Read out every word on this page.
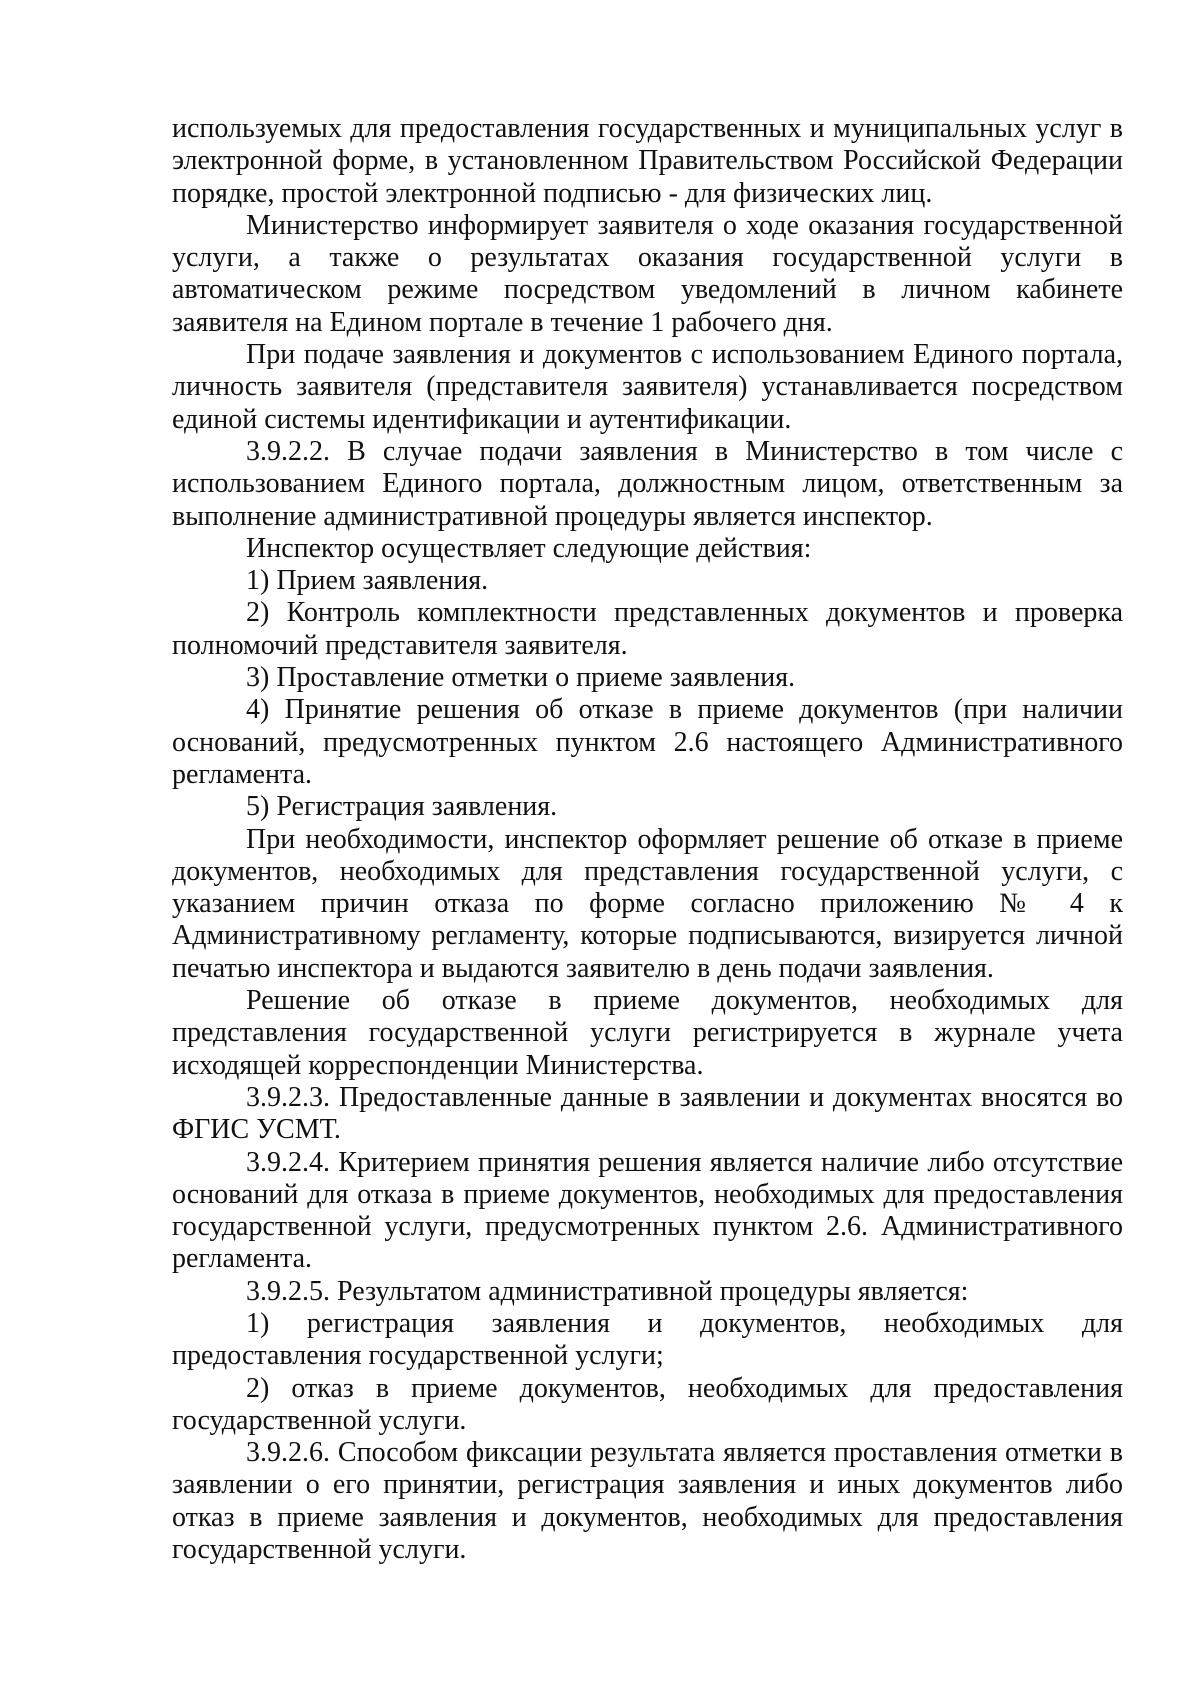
используемых для предоставления государственных и муниципальных услуг в электронной форме, в установленном Правительством Российской Федерации порядке, простой электронной подписью - для физических лиц.

Министерство информирует заявителя о ходе оказания государственной услуги, а также о результатах оказания государственной услуги в автоматическом режиме посредством уведомлений в личном кабинете заявителя на Едином портале в течение 1 рабочего дня.

При подаче заявления и документов с использованием Единого портала, личность заявителя (представителя заявителя) устанавливается посредством единой системы идентификации и аутентификации.

3.9.2.2. В случае подачи заявления в Министерство в том числе с использованием Единого портала, должностным лицом, ответственным за выполнение административной процедуры является инспектор.

Инспектор осуществляет следующие действия:

1) Прием заявления.

2) Контроль комплектности представленных документов и проверка полномочий представителя заявителя.

3) Проставление отметки о приеме заявления.

4) Принятие решения об отказе в приеме документов (при наличии оснований, предусмотренных пунктом 2.6 настоящего Административного регламента.

5) Регистрация заявления.

При необходимости, инспектор оформляет решение об отказе в приеме документов, необходимых для представления государственной услуги, с указанием причин отказа по форме согласно приложению № 4 к Административному регламенту, которые подписываются, визируется личной печатью инспектора и выдаются заявителю в день подачи заявления.

Решение об отказе в приеме документов, необходимых для представления государственной услуги регистрируется в журнале учета исходящей корреспонденции Министерства.

3.9.2.3. Предоставленные данные в заявлении и документах вносятся во ФГИС УСМТ.

3.9.2.4. Критерием принятия решения является наличие либо отсутствие оснований для отказа в приеме документов, необходимых для предоставления государственной услуги, предусмотренных пунктом 2.6. Административного регламента.

3.9.2.5. Результатом административной процедуры является:

1) регистрация заявления и документов, необходимых для предоставления государственной услуги;

2) отказ в приеме документов, необходимых для предоставления государственной услуги.

3.9.2.6. Способом фиксации результата является проставления отметки в заявлении о его принятии, регистрация заявления и иных документов либо отказ в приеме заявления и документов, необходимых для предоставления государственной услуги.
